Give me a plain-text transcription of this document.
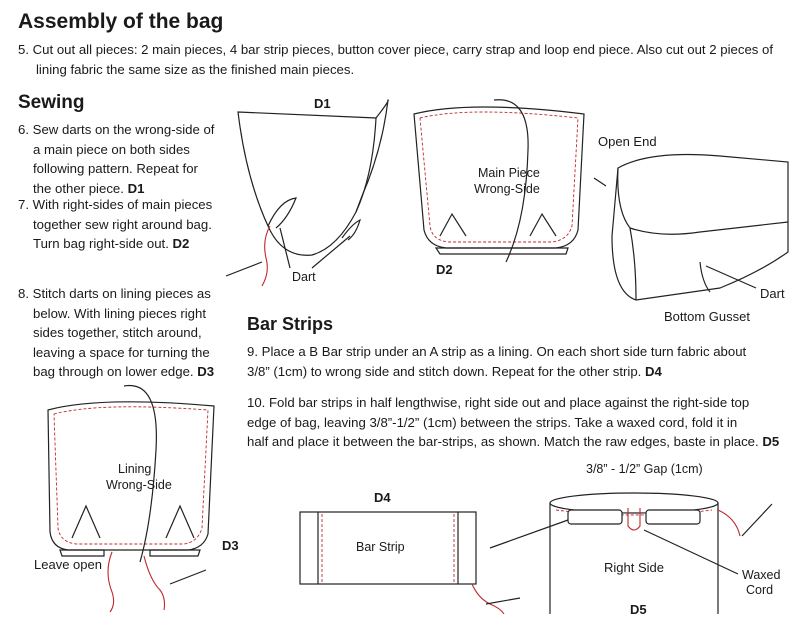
Assembly of the bag
5. Cut out all pieces: 2 main pieces, 4 bar strip pieces, button cover piece, carry strap and loop end piece. Also cut out 2 pieces of
lining fabric the same size as the finished main pieces.
Sewing
6. Sew darts on the wrong-side of
a main piece on both sides
following pattern. Repeat for
the other piece. D1
7. With right-sides of main pieces
together sew right around bag.
Turn bag right-side out. D2
8. Stitch darts on lining pieces as
below. With lining pieces right
sides together, stitch around,
leaving a space for turning the
bag through on lower edge. D3
Bar Strips
9. Place a B Bar strip under an A strip as a lining. On each short side turn fabric about
3/8” (1cm) to wrong side and stitch down. Repeat for the other strip. D4
10. Fold bar strips in half lengthwise, right side out and place against the right-side top
edge of bag, leaving 3/8”-1/2” (1cm) between the strips. Take a waxed cord, fold it in
half and place it between the bar-strips, as shown. Match the raw edges, baste in place. D5
D1
Dart
Main Piece
Wrong-Side
D2
Open End
Dart
Bottom Gusset
Lining
Wrong-Side
D3
Leave open
D4
Bar Strip
3/8” - 1/2” Gap (1cm)
Right Side	Waxed
Cord
D5
